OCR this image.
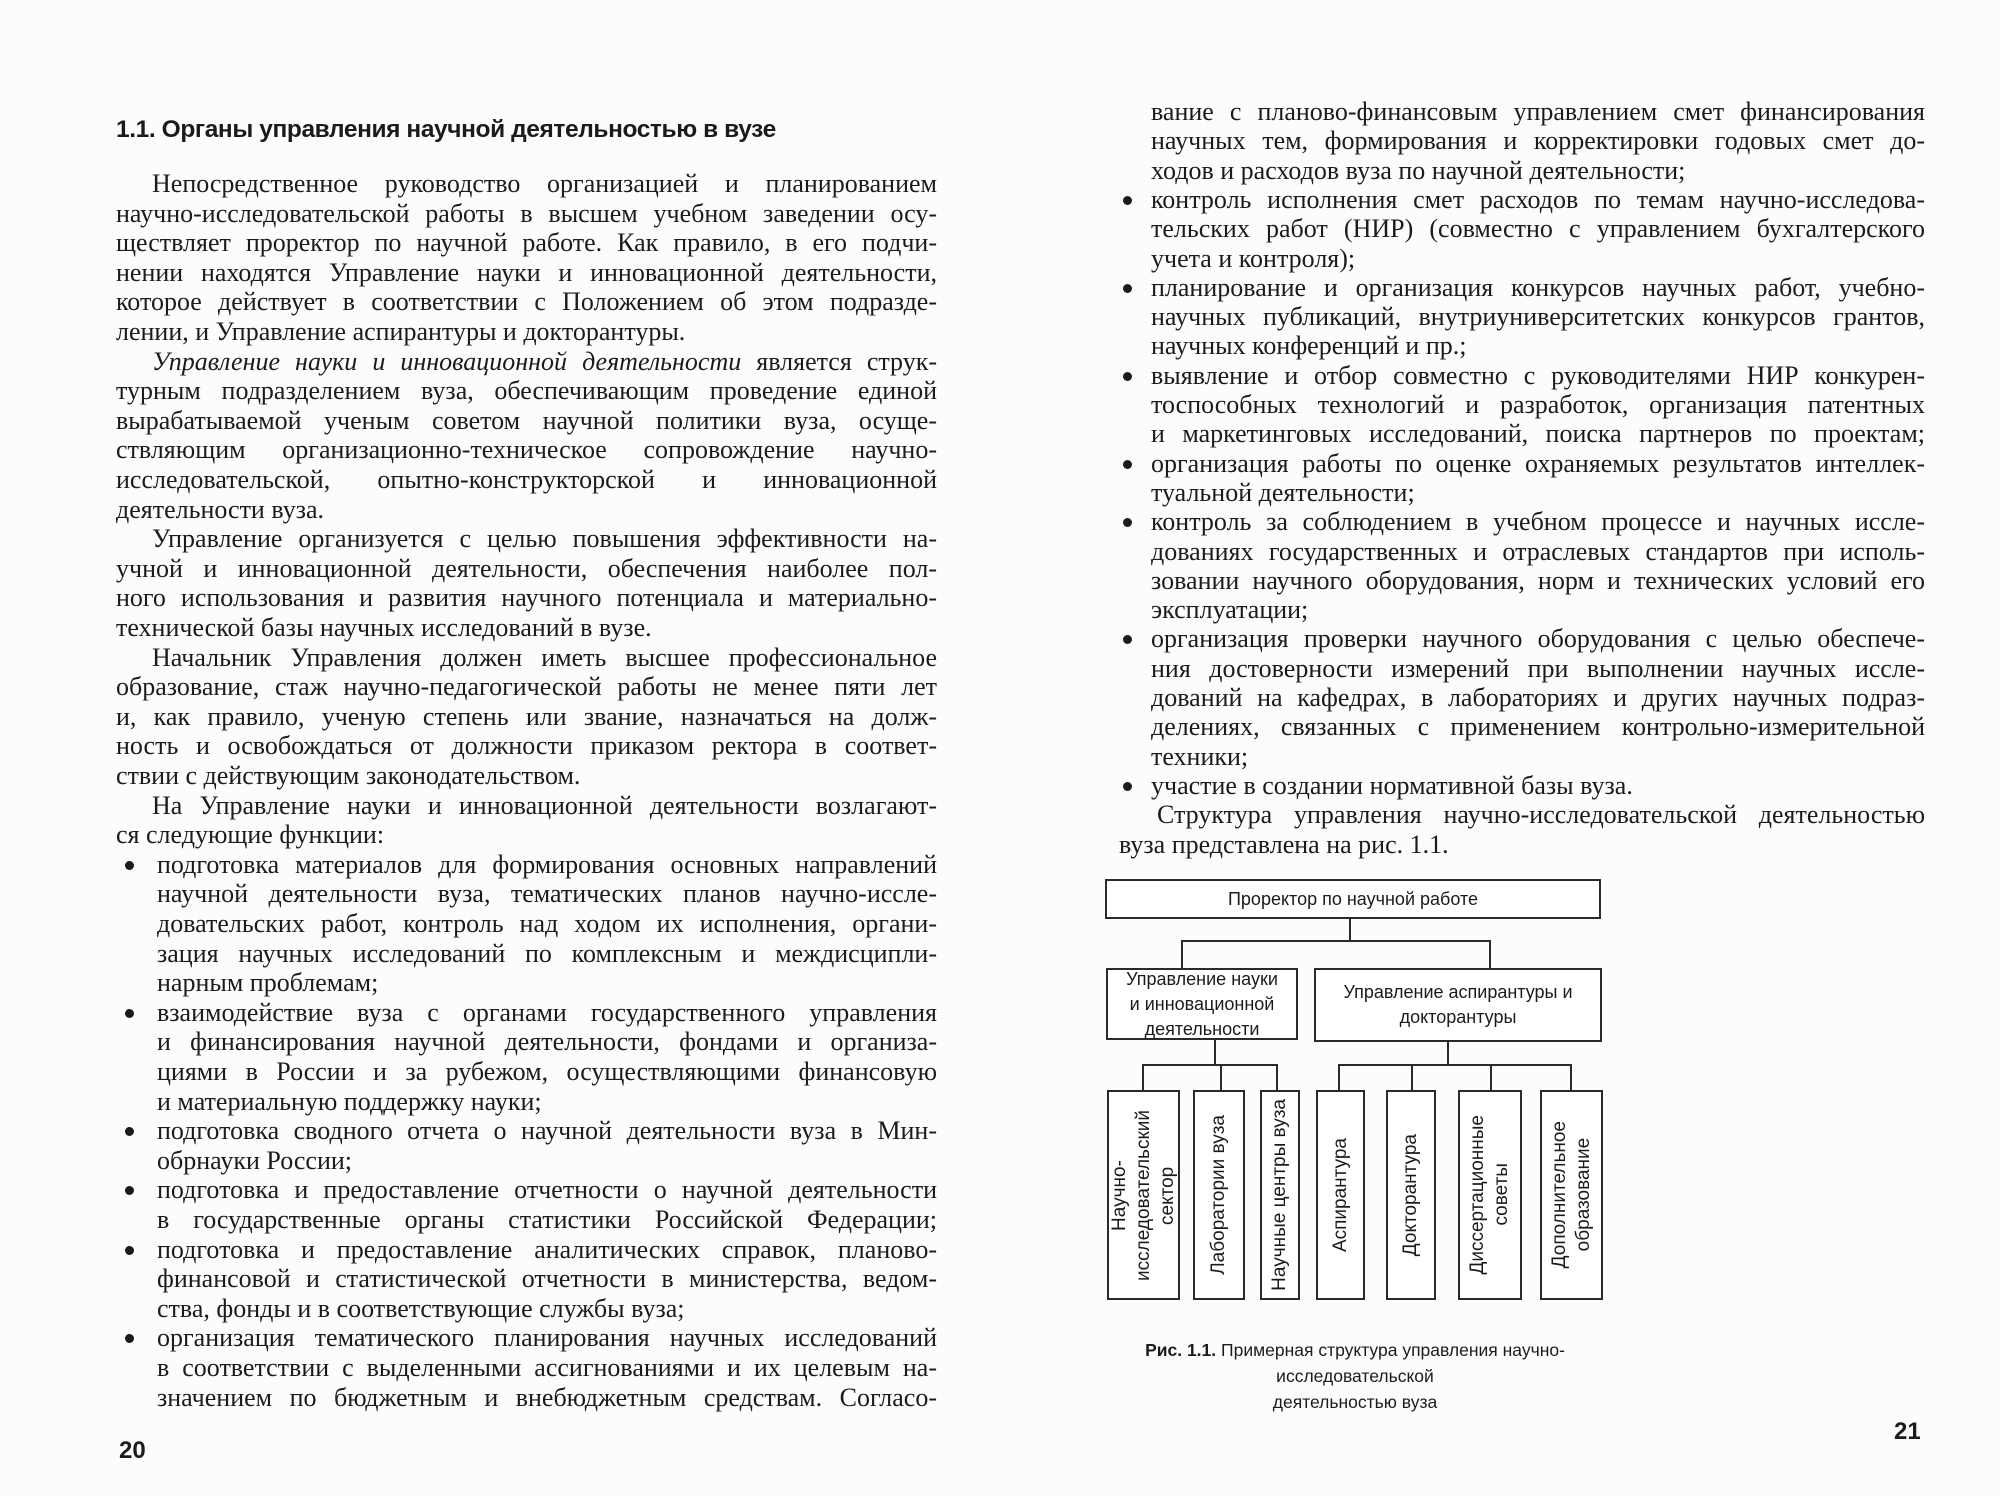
1.1. Органы управления научной деятельностью в вузе
Непосредственное руководство организацией и планированием
научно-исследовательской работы в высшем учебном заведении осу-
ществляет проректор по научной работе. Как правило, в его подчи-
нении находятся Управление науки и инновационной деятельности,
которое действует в соответствии с Положением об этом подразде-
лении, и Управление аспирантуры и докторантуры.
Управление науки и инновационной деятельности является струк-
турным подразделением вуза, обеспечивающим проведение единой
вырабатываемой ученым советом научной политики вуза, осуще-
ствляющим организационно-техническое сопровождение научно-
исследовательской, опытно-конструкторской и инновационной
деятельности вуза.
Управление организуется с целью повышения эффективности на-
учной и инновационной деятельности, обеспечения наиболее пол-
ного использования и развития научного потенциала и материально-
технической базы научных исследований в вузе.
Начальник Управления должен иметь высшее профессиональное
образование, стаж научно-педагогической работы не менее пяти лет
и, как правило, ученую степень или звание, назначаться на долж-
ность и освобождаться от должности приказом ректора в соответ-
ствии с действующим законодательством.
На Управление науки и инновационной деятельности возлагают-
ся следующие функции:
подготовка материалов для формирования основных направлений
научной деятельности вуза, тематических планов научно-иссле-
довательских работ, контроль над ходом их исполнения, органи-
зация научных исследований по комплексным и междисципли-
нарным проблемам;
взаимодействие вуза с органами государственного управления
и финансирования научной деятельности, фондами и организа-
циями в России и за рубежом, осуществляющими финансовую
и материальную поддержку науки;
подготовка сводного отчета о научной деятельности вуза в Мин-
обрнауки России;
подготовка и предоставление отчетности о научной деятельности
в государственные органы статистики Российской Федерации;
подготовка и предоставление аналитических справок, планово-
финансовой и статистической отчетности в министерства, ведом-
ства, фонды и в соответствующие службы вуза;
организация тематического планирования научных исследований
в соответствии с выделенными ассигнованиями и их целевым на-
значением по бюджетным и внебюджетным средствам. Согласо-
вание с планово-финансовым управлением смет финансирования
научных тем, формирования и корректировки годовых смет до-
ходов и расходов вуза по научной деятельности;
контроль исполнения смет расходов по темам научно-исследова-
тельских работ (НИР) (совместно с управлением бухгалтерского
учета и контроля);
планирование и организация конкурсов научных работ, учебно-
научных публикаций, внутриуниверситетских конкурсов грантов,
научных конференций и пр.;
выявление и отбор совместно с руководителями НИР конкурен-
тоспособных технологий и разработок, организация патентных
и маркетинговых исследований, поиска партнеров по проектам;
организация работы по оценке охраняемых результатов интеллек-
туальной деятельности;
контроль за соблюдением в учебном процессе и научных иссле-
дованиях государственных и отраслевых стандартов при исполь-
зовании научного оборудования, норм и технических условий его
эксплуатации;
организация проверки научного оборудования с целью обеспече-
ния достоверности измерений при выполнении научных иссле-
дований на кафедрах, в лабораториях и других научных подраз-
делениях, связанных с применением контрольно-измерительной
техники;
участие в создании нормативной базы вуза.
Структура управления научно-исследовательской деятельностью
вуза представлена на рис. 1.1.
20
21
Проректор по научной работе
Управление науки
и инновационной деятельности
Управление аспирантуры и докторантуры
Научно- исследовательский сектор Лаборатории вуза Научные центры вуза Аспирантура	Докторантура Диссертационные советы Дополнительное образование
Рис. 1.1. Примерная структура управления научно-исследовательской
деятельностью вуза
